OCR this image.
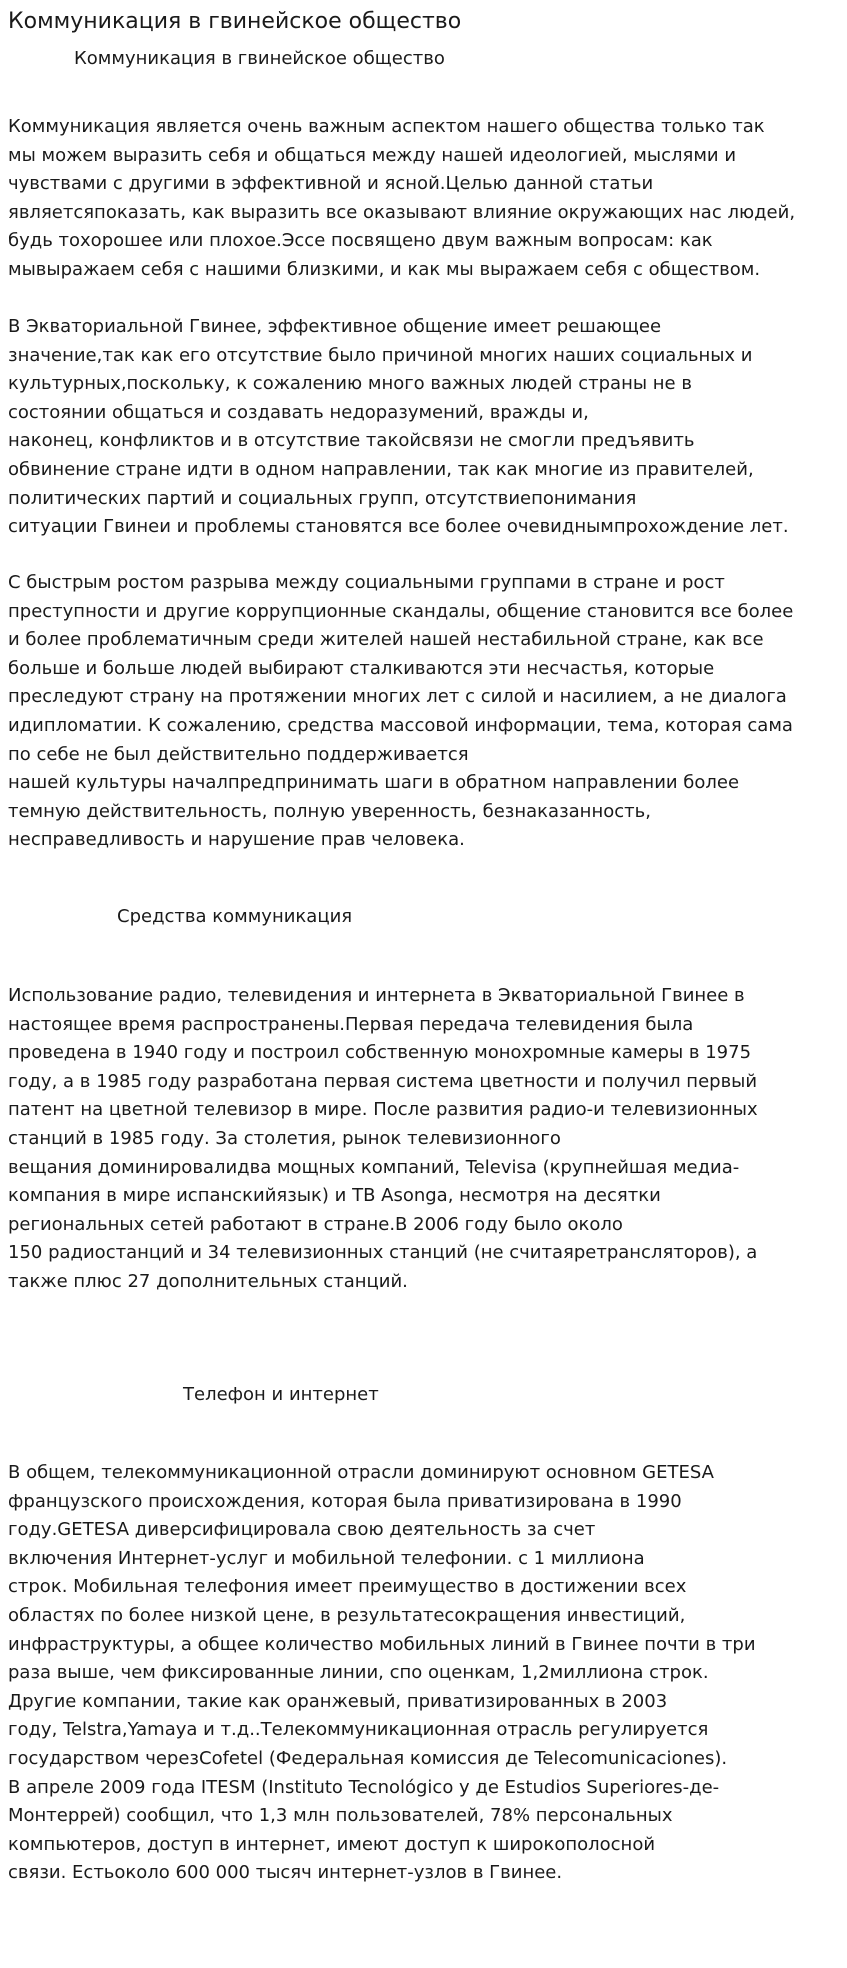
Коммуникация в гвинейское общество
Коммуникация в гвинейское общество

Коммуникация является очень важным аспектом нашего общества только так
мы можем выразить себя и общаться между нашей идеологией, мыслями и
чувствами с другими в эффективной и ясной.Целью данной статьи
являетсяпоказать, как выразить все оказывают влияние окружающих нас людей,
будь тохорошее или плохое.Эссе посвящено двум важным вопросам: как
мывыражаем себя с нашими близкими, и как мы выражаем себя с обществом.

В Экваториальной Гвинее, эффективное общение имеет решающее
значение,так как его отсутствие было причиной многих наших социальных и
культурных,поскольку, к сожалению много важных людей страны не в
состоянии общаться и создавать недоразумений, вражды и,
наконец, конфликтов и в отсутствие такойсвязи не смогли предъявить
обвинение стране идти в одном направлении, так как многие из правителей,
политических партий и социальных групп, отсутствиепонимания
ситуации Гвинеи и проблемы становятся все более очевиднымпрохождение лет.

С быстрым ростом разрыва между социальными группами в стране и рост
преступности и другие коррупционные скандалы, общение становится все более
и более проблематичным среди жителей нашей нестабильной стране, как все
больше и больше людей выбирают сталкиваются эти несчастья, которые
преследуют страну на протяжении многих лет с силой и насилием, а не диалога
идипломатии. К сожалению, средства массовой информации, тема, которая сама
по себе не был действительно поддерживается
нашей культуры началпредпринимать шаги в обратном направлении более
темную действительность, полную уверенность, безнаказанность,
несправедливость и нарушение прав человека.

Средства коммуникация

Использование радио, телевидения и интернета в Экваториальной Гвинее в
настоящее время распространены.Первая передача телевидения была
проведена в 1940 году и построил собственную монохромные камеры в 1975
году, а в 1985 году разработана первая система цветности и получил первый
патент на цветной телевизор в мире. После развития радио-и телевизионных
станций в 1985 году. За столетия, рынок телевизионного
вещания доминировалидва мощных компаний, Televisa (крупнейшая медиа-
компания в мире испанскийязык) и ТВ Asonga, несмотря на десятки
региональных сетей работают в стране.В 2006 году было около
150 радиостанций и 34 телевизионных станций (не считаяретрансляторов), а
также плюс 27 дополнительных станций.

Телефон и интернет

В общем, телекоммуникационной отрасли доминируют основном GETESA
французского происхождения, которая была приватизирована в 1990
году.GETESA диверсифицировала свою деятельность за счет
включения Интернет-услуг и мобильной телефонии. с 1 миллиона
строк. Мобильная телефония имеет преимущество в достижении всех
областях по более низкой цене, в результатесокращения инвестиций,
инфраструктуры, а общее количество мобильных линий в Гвинее почти в три
раза выше, чем фиксированные линии, спо оценкам, 1,2миллиона строк.
Другие компании, такие как оранжевый, приватизированных в 2003
году, Telstra,Yamaya и т.д..Телекоммуникационная отрасль регулируется
государством черезCofetel (Федеральная комиссия де Telecomunicaciones).
В апреле 2009 года ITESM (Instituto Tecnológico y де Estudios Superiores-де-
Монтеррей) сообщил, что 1,3 млн пользователей, 78% персональных
компьютеров, доступ в интернет, имеют доступ к широкополосной
связи. Естьоколо 600 000 тысяч интернет-узлов в Гвинее.
